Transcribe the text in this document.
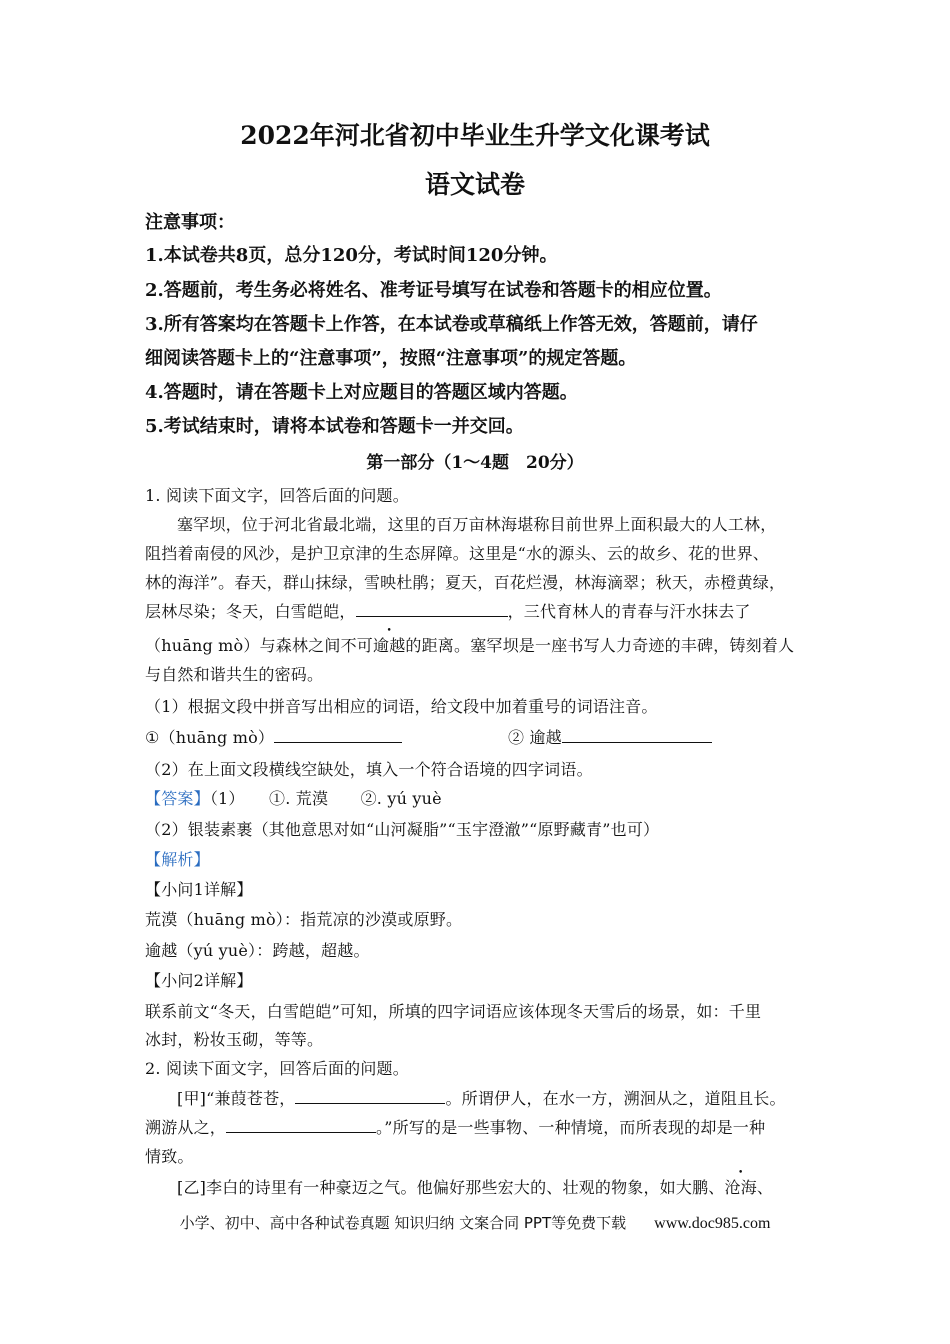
2022年河北省初中毕业生升学文化课考试
语文试卷
注意事项：
1.本试卷共8页，总分120分，考试时间120分钟。
2.答题前，考生务必将姓名、准考证号填写在试卷和答题卡的相应位置。
3.所有答案均在答题卡上作答，在本试卷或草稿纸上作答无效，答题前，请仔
细阅读答题卡上的“注意事项”，按照“注意事项”的规定答题。
4.答题时，请在答题卡上对应题目的答题区域内答题。
5.考试结束时，请将本试卷和答题卡一并交回。
第一部分（1～4题　20分）
1. 阅读下面文字，回答后面的问题。
塞罕坝，位于河北省最北端，这里的百万亩林海堪称目前世界上面积最大的人工林，
阻挡着南侵的风沙，是护卫京津的生态屏障。这里是“水的源头、云的故乡、花的世界、
林的海洋”。春天，群山抹绿，雪映杜鹃；夏天，百花烂漫，林海滴翠；秋天，赤橙黄绿，
层林尽染；冬天，白雪皑皑，	，三代育林人的青春与汗水抹去了
（huāng mò）与森林之间不可逾越的距离。塞罕坝是一座书写人力奇迹的丰碑，铸刻着人
与自然和谐共生的密码。
（1）根据文段中拼音写出相应的词语，给文段中加着重号的词语注音。
①（huāng mò）	② 逾越
（2）在上面文段横线空缺处，填入一个符合语境的四字词语。
【答案】（1）　　①. 荒漠　　②. yú yuè
（2）银装素裹（其他意思对如“山河凝脂”“玉宇澄澈”“原野藏青”也可）
【解析】
【小问1详解】
荒漠（huāng mò）：指荒凉的沙漠或原野。
逾越（yú yuè）：跨越，超越。
【小问2详解】
联系前文“冬天，白雪皑皑”可知，所填的四字词语应该体现冬天雪后的场景，如：千里
冰封，粉妆玉砌，等等。
2. 阅读下面文字，回答后面的问题。
[甲]“兼葭苍苍，	。所谓伊人，在水一方，溯洄从之，道阻且长。
溯游从之，	。”所写的是一些事物、一种情境，而所表现的却是一种
情致。
[乙]李白的诗里有一种豪迈之气。他偏好那些宏大的、壮观的物象，如大鹏、沧海、
小学、初中、高中各种试卷真题 知识归纳 文案合同 PPT等免费下载 www.doc985.com
